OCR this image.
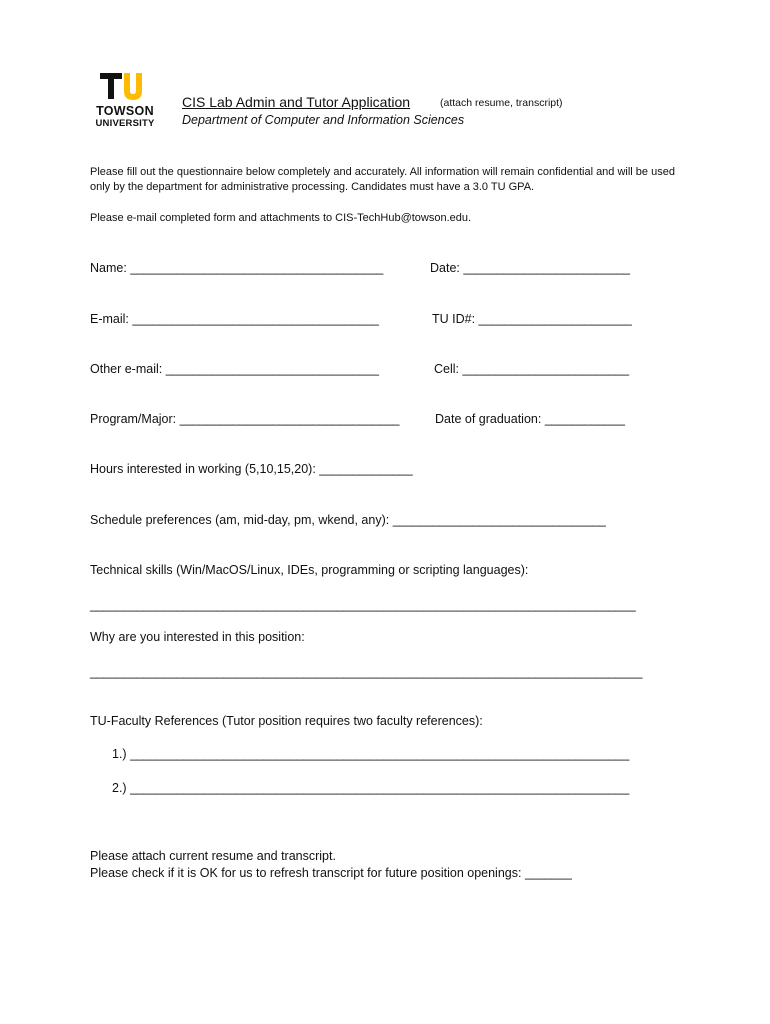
TOWSON
UNIVERSITY
CIS Lab Admin and Tutor Application	(attach resume, transcript)
Department of Computer and Information Sciences
Please fill out the questionnaire below completely and accurately. All information will remain confidential and will be used only by the department for administrative processing. Candidates must have a 3.0 TU GPA.
Please e-mail completed form and attachments to CIS-TechHub@towson.edu.
Name: ______________________________________	Date: _________________________
E-mail: _____________________________________	TU ID#: _______________________
Other e-mail: ________________________________	Cell: _________________________
Program/Major: _________________________________	Date of graduation: ____________
Hours interested in working (5,10,15,20): ______________
Schedule preferences (am, mid-day, pm, wkend, any): ________________________________
Technical skills (Win/MacOS/Linux, IDEs, programming or scripting languages):
__________________________________________________________________________________
Why are you interested in this position:
___________________________________________________________________________________
TU-Faculty References (Tutor position requires two faculty references):
1.) ___________________________________________________________________________
2.) ___________________________________________________________________________
Please attach current resume and transcript.
Please check if it is OK for us to refresh transcript for future position openings: _______
